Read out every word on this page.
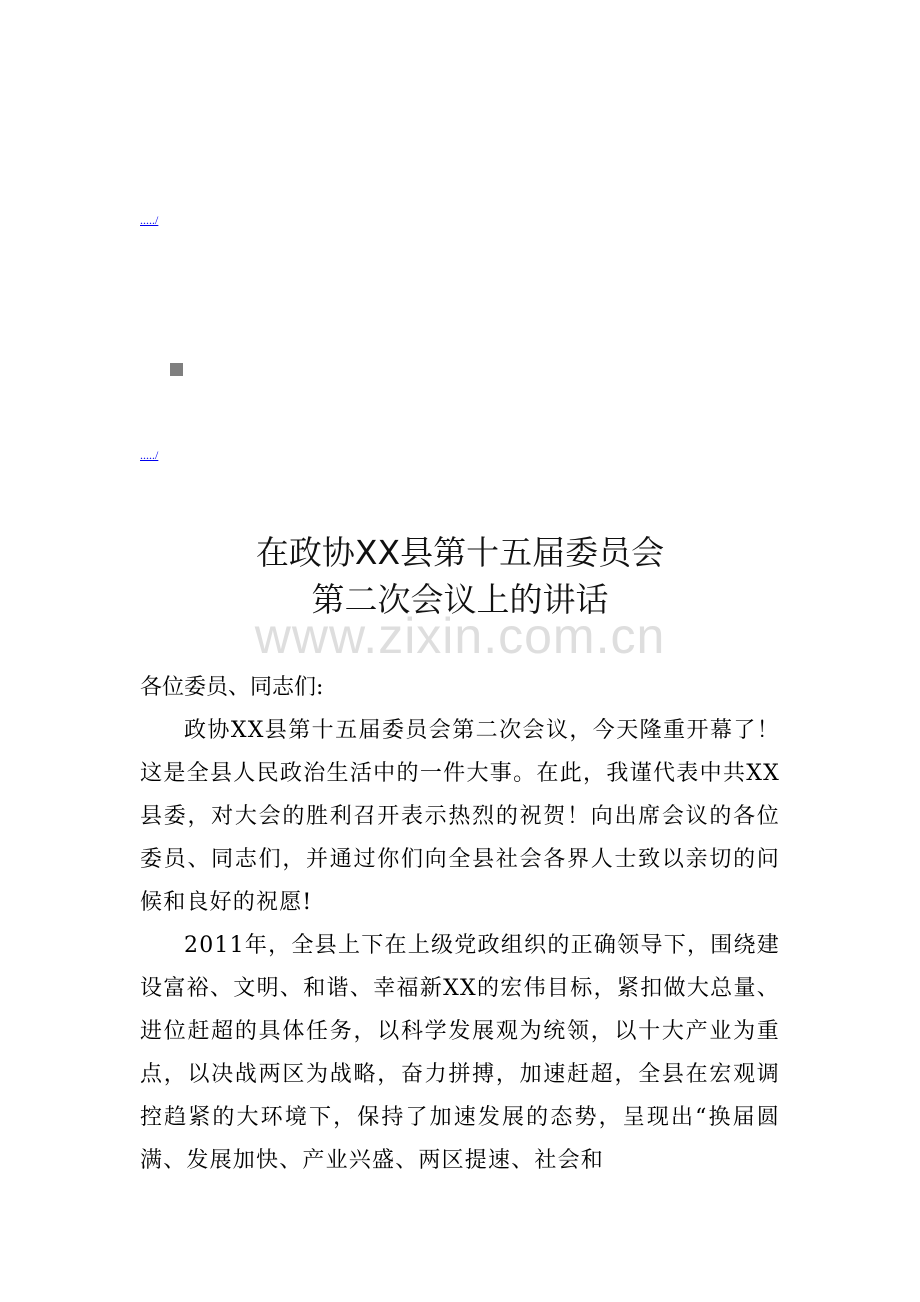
...../
...../
在政协XX县第十五届委员会
第二次会议上的讲话
www.zixin.com.cn
各位委员、同志们:

政协XX县第十五届委员会第二次会议，今天隆重开幕了！这是全县人民政治生活中的一件大事。在此，我谨代表中共XX县委，对大会的胜利召开表示热烈的祝贺！向出席会议的各位委员、同志们，并通过你们向全县社会各界人士致以亲切的问候和良好的祝愿!

2011年，全县上下在上级党政组织的正确领导下，围绕建设富裕、文明、和谐、幸福新XX的宏伟目标，紧扣做大总量、进位赶超的具体任务，以科学发展观为统领，以十大产业为重点，以决战两区为战略，奋力拼搏，加速赶超，全县在宏观调控趋紧的大环境下，保持了加速发展的态势，呈现出“换届圆满、发展加快、产业兴盛、两区提速、社会和
